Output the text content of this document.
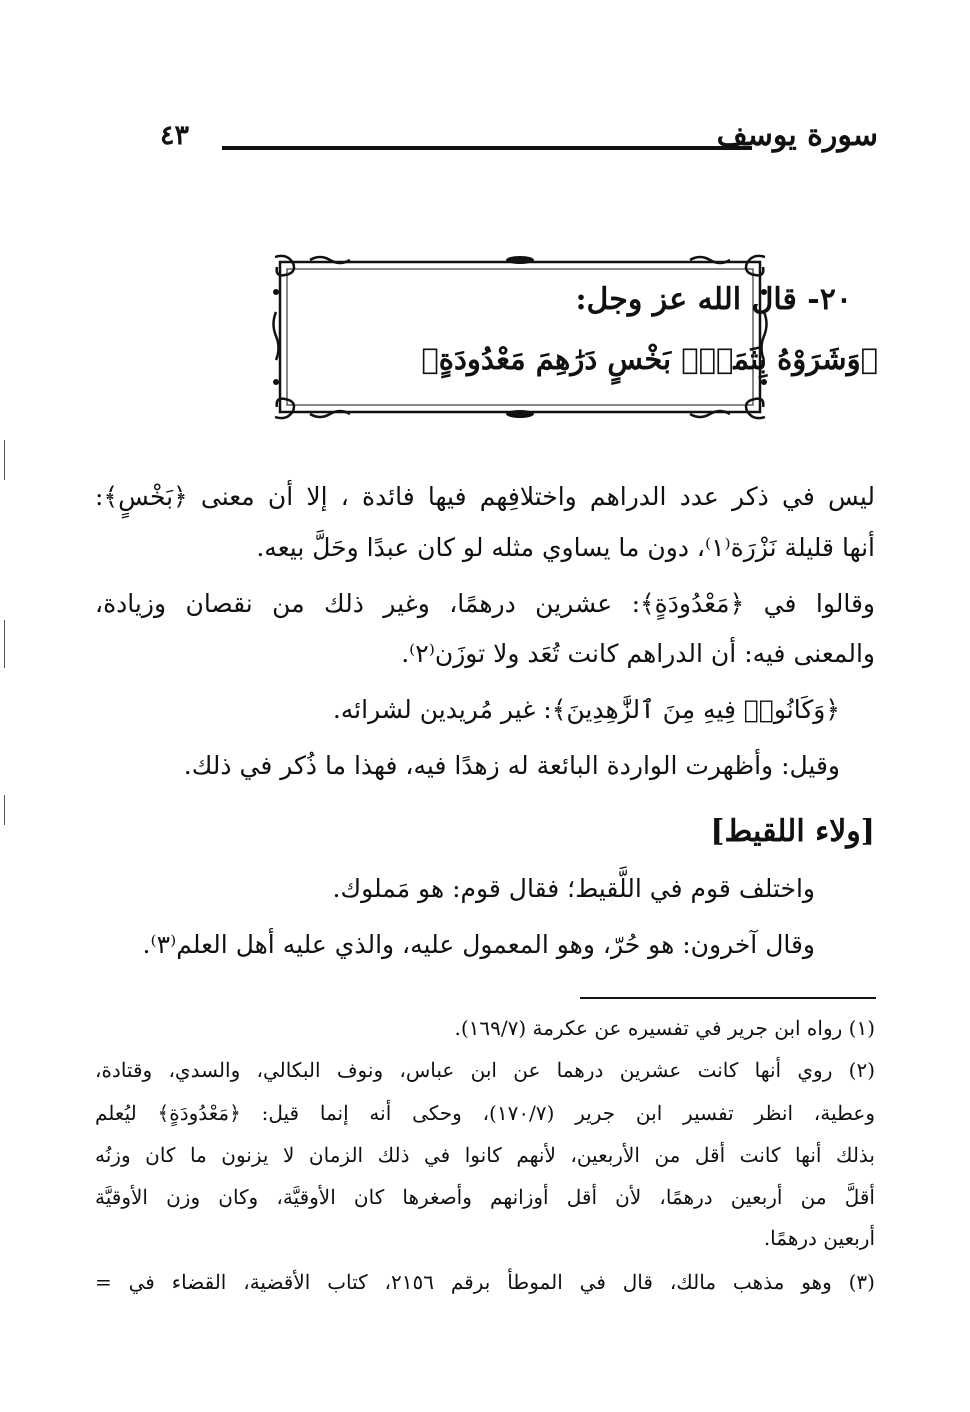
سورة يوسف
٤٣
٢٠- قال الله عز وجل:
﴿وَشَرَوْهُ بِثَمَنٍۭ بَخْسٍ دَرَٰهِمَ مَعْدُودَةٍ﴾
ليس في ذكر عدد الدراهم واختلافِهم فيها فائدة ، إلا أن معنى ﴿بَخْسٍ﴾:
أنها قليلة نَزْرَة⁽١⁾، دون ما يساوي مثله لو كان عبدًا وحَلَّ بيعه.
وقالوا في ﴿مَعْدُودَةٍ﴾: عشرين درهمًا، وغير ذلك من نقصان وزيادة،
والمعنى فيه: أن الدراهم كانت تُعَد ولا توزَن⁽٢⁾.
﴿وَكَانُوا۟ فِيهِ مِنَ ٱلزَّٰهِدِينَ﴾: غير مُريدين لشرائه.
وقيل: وأظهرت الواردة البائعة له زهدًا فيه، فهذا ما ذُكر في ذلك.
[ولاء اللقيط]
واختلف قوم في اللَّقيط؛ فقال قوم: هو مَملوك.
وقال آخرون: هو حُرّ، وهو المعمول عليه، والذي عليه أهل العلم⁽٣⁾.
(١) رواه ابن جرير في تفسيره عن عكرمة (١٦٩/٧).
(٢) روي أنها كانت عشرين درهما عن ابن عباس، ونوف البكالي، والسدي، وقتادة،
وعطية، انظر تفسير ابن جرير (١٧٠/٧)، وحكى أنه إنما قيل: ﴿مَعْدُودَةٍ﴾ ليُعلم
بذلك أنها كانت أقل من الأربعين، لأنهم كانوا في ذلك الزمان لا يزنون ما كان وزنُه
أقلَّ من أربعين درهمًا، لأن أقل أوزانهم وأصغرها كان الأوقيَّة، وكان وزن الأوقيَّة
أربعين درهمًا.
(٣) وهو مذهب مالك، قال في الموطأ برقم ٢١٥٦، كتاب الأقضية، القضاء في =
